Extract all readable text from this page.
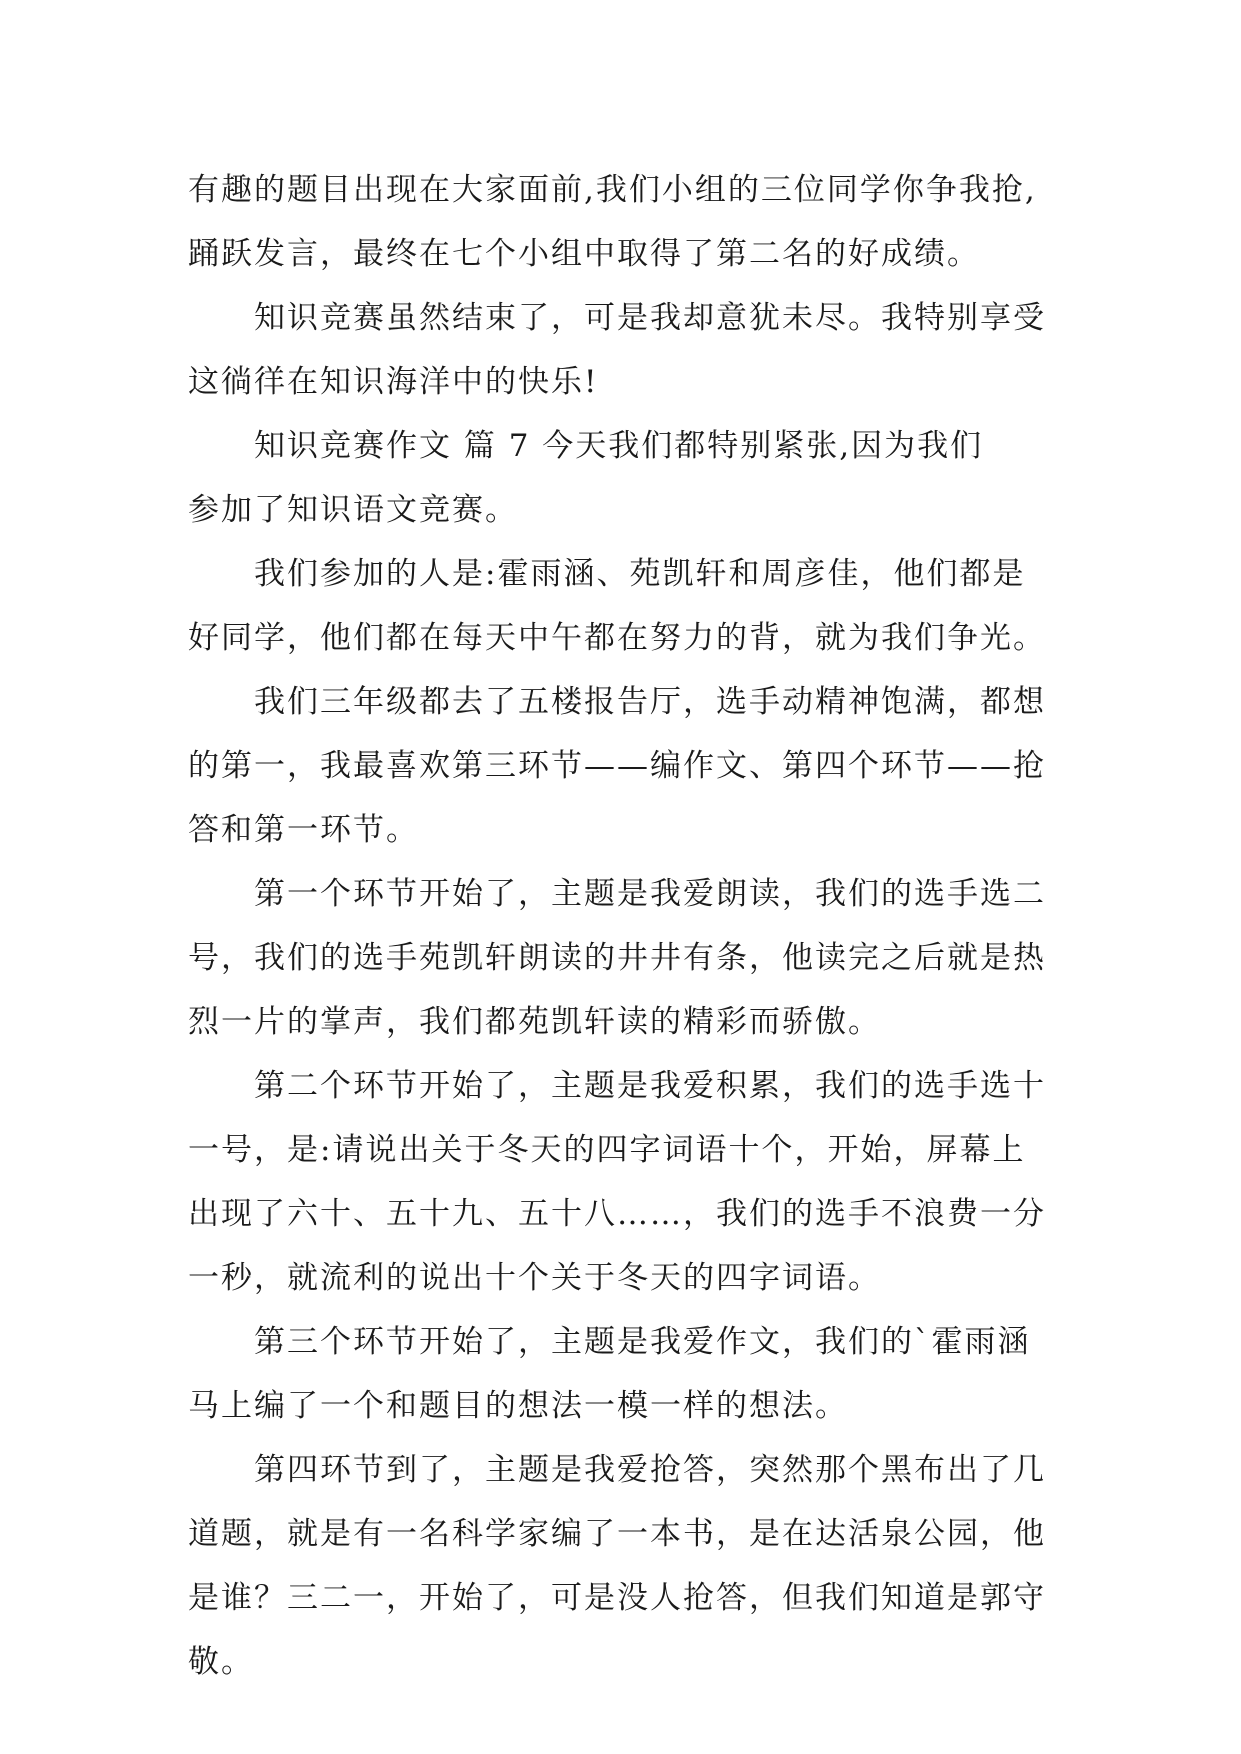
有趣的题目出现在大家面前,我们小组的三位同学你争我抢,
踊跃发言，最终在七个小组中取得了第二名的好成绩。
知识竞赛虽然结束了，可是我却意犹未尽。我特别享受
这徜徉在知识海洋中的快乐!
知识竞赛作文 篇 7 今天我们都特别紧张,因为我们
参加了知识语文竞赛。
我们参加的人是:霍雨涵、苑凯轩和周彦佳，他们都是
好同学，他们都在每天中午都在努力的背，就为我们争光。
我们三年级都去了五楼报告厅，选手动精神饱满，都想
的第一，我最喜欢第三环节——编作文、第四个环节——抢
答和第一环节。
第一个环节开始了，主题是我爱朗读，我们的选手选二
号，我们的选手苑凯轩朗读的井井有条，他读完之后就是热
烈一片的掌声，我们都苑凯轩读的精彩而骄傲。
第二个环节开始了，主题是我爱积累，我们的选手选十
一号，是:请说出关于冬天的四字词语十个，开始，屏幕上
出现了六十、五十九、五十八……，我们的选手不浪费一分
一秒，就流利的说出十个关于冬天的四字词语。
第三个环节开始了，主题是我爱作文，我们的`霍雨涵
马上编了一个和题目的想法一模一样的想法。
第四环节到了，主题是我爱抢答，突然那个黑布出了几
道题，就是有一名科学家编了一本书，是在达活泉公园，他
是谁？三二一，开始了，可是没人抢答，但我们知道是郭守
敬。
